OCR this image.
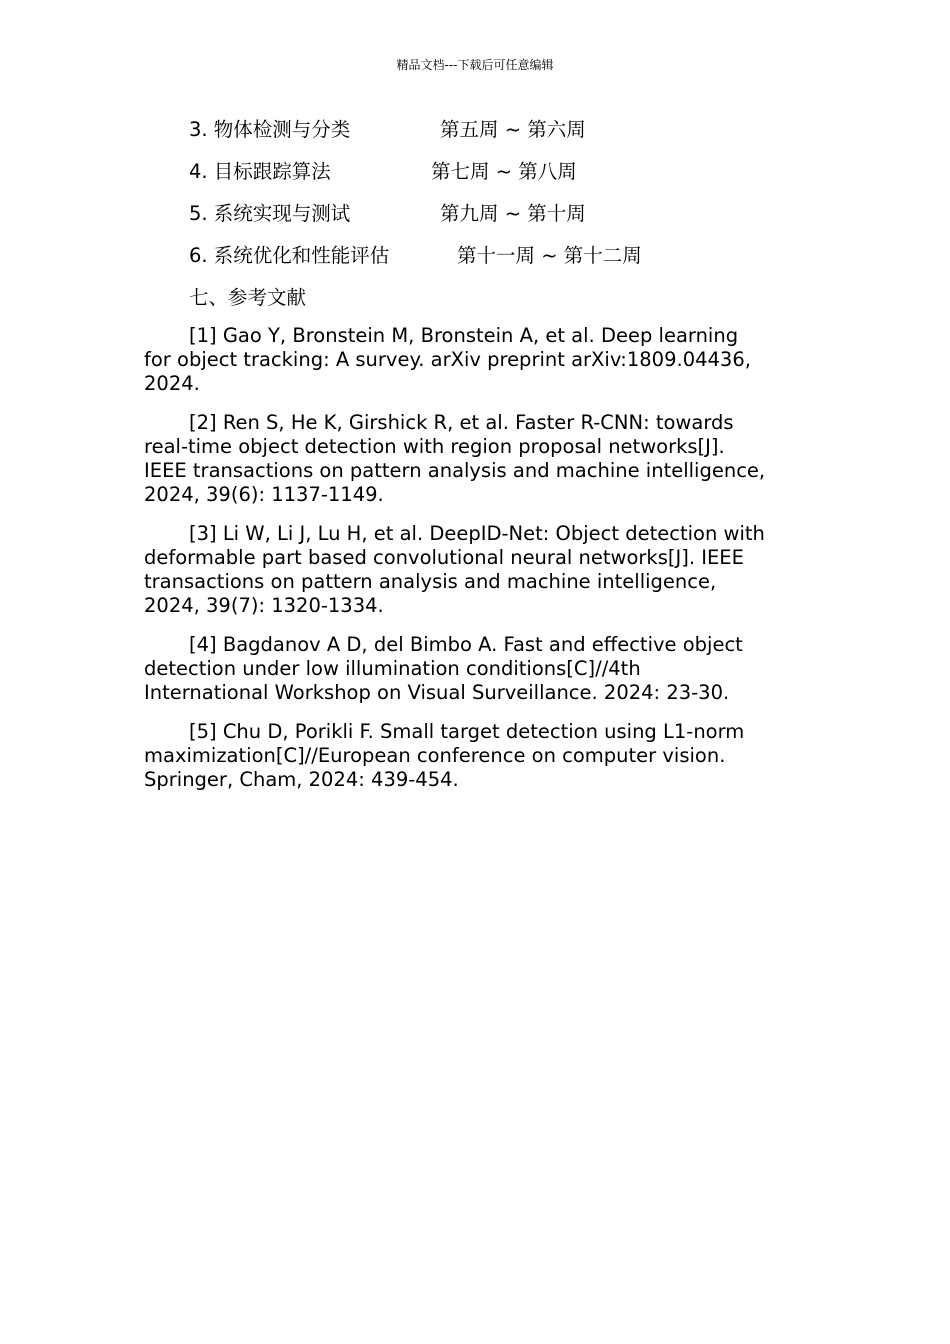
精品文档---下载后可任意编辑
3. 物体检测与分类	第五周 ~ 第六周
4. 目标跟踪算法	第七周 ~ 第八周
5. 系统实现与测试	第九周 ~ 第十周
6. 系统优化和性能评估	第十一周 ~ 第十二周
七、参考文献
[1] Gao Y, Bronstein M, Bronstein A, et al. Deep learning
for object tracking: A survey. arXiv preprint arXiv:1809.04436,
2024.
[2] Ren S, He K, Girshick R, et al. Faster R-CNN: towards
real-time object detection with region proposal networks[J].
IEEE transactions on pattern analysis and machine intelligence,
2024, 39(6): 1137-1149.
[3] Li W, Li J, Lu H, et al. DeepID-Net: Object detection with
deformable part based convolutional neural networks[J]. IEEE
transactions on pattern analysis and machine intelligence,
2024, 39(7): 1320-1334.
[4] Bagdanov A D, del Bimbo A. Fast and effective object
detection under low illumination conditions[C]//4th
International Workshop on Visual Surveillance. 2024: 23-30.
[5] Chu D, Porikli F. Small target detection using L1-norm
maximization[C]//European conference on computer vision.
Springer, Cham, 2024: 439-454.
